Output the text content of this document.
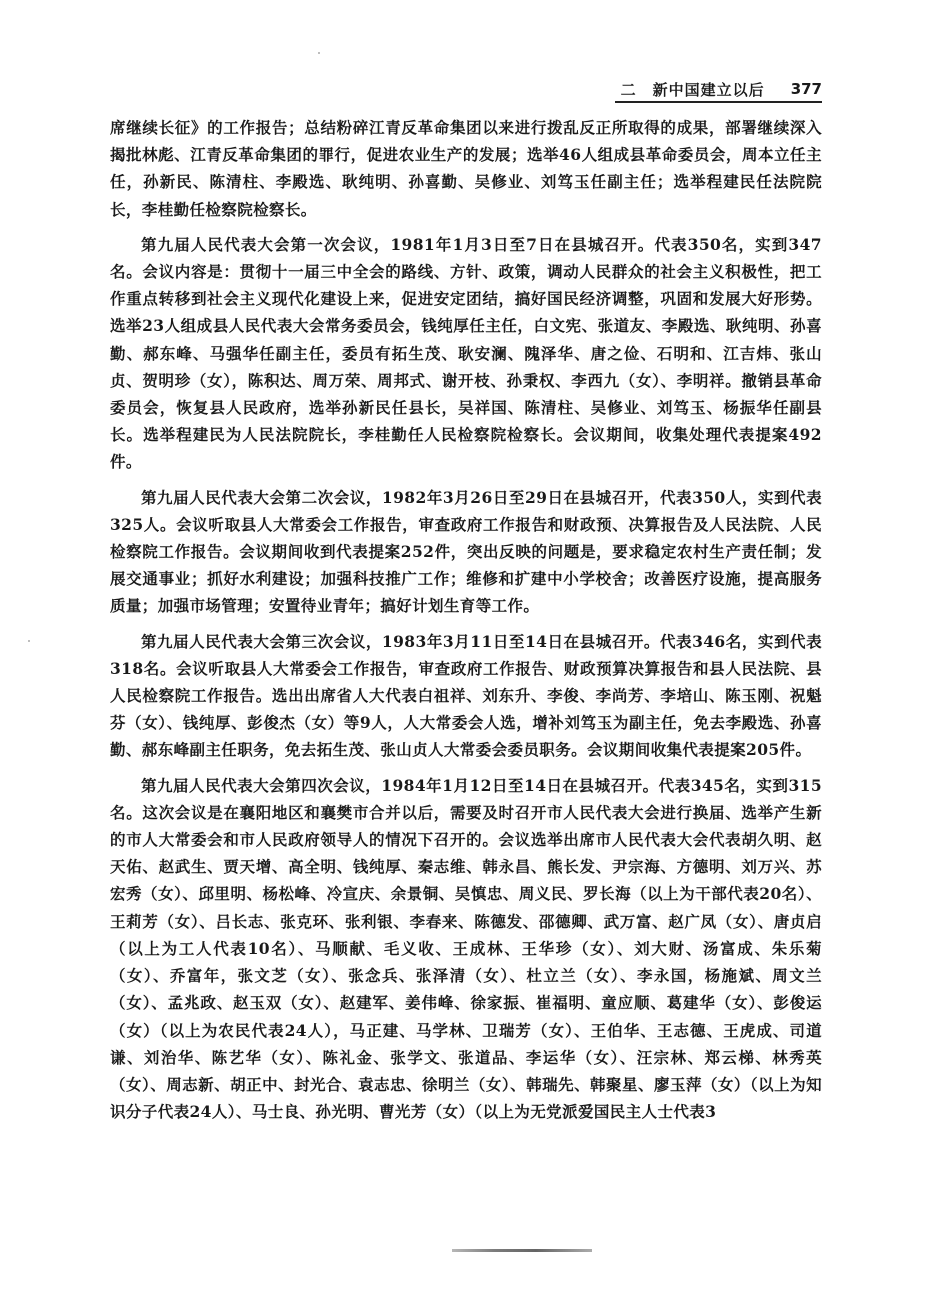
二　新中国建立以后 377

席继续长征》的工作报告；总结粉碎江青反革命集团以来进行拨乱反正所取得的成果，部署继续深入揭批林彪、江青反革命集团的罪行，促进农业生产的发展；选举46人组成县革命委员会，周本立任主任，孙新民、陈清柱、李殿选、耿纯明、孙喜勤、吴修业、刘笃玉任副主任；选举程建民任法院院长，李桂勤任检察院检察长。

第九届人民代表大会第一次会议，1981年1月3日至7日在县城召开。代表350名，实到347名。会议内容是：贯彻十一届三中全会的路线、方针、政策，调动人民群众的社会主义积极性，把工作重点转移到社会主义现代化建设上来，促进安定团结，搞好国民经济调整，巩固和发展大好形势。选举23人组成县人民代表大会常务委员会，钱纯厚任主任，白文宪、张道友、李殿选、耿纯明、孙喜勤、郝东峰、马强华任副主任，委员有拓生茂、耿安澜、隗泽华、唐之俭、石明和、江吉炜、张山贞、贺明珍（女），陈积达、周万荣、周邦式、谢开枝、孙秉权、李西九（女）、李明祥。撤销县革命委员会，恢复县人民政府，选举孙新民任县长，吴祥国、陈清柱、吴修业、刘笃玉、杨振华任副县长。选举程建民为人民法院院长，李桂勤任人民检察院检察长。会议期间，收集处理代表提案492件。

第九届人民代表大会第二次会议，1982年3月26日至29日在县城召开，代表350人，实到代表325人。会议听取县人大常委会工作报告，审查政府工作报告和财政预、决算报告及人民法院、人民检察院工作报告。会议期间收到代表提案252件，突出反映的问题是，要求稳定农村生产责任制；发展交通事业；抓好水利建设；加强科技推广工作；维修和扩建中小学校舍；改善医疗设施，提高服务质量；加强市场管理；安置待业青年；搞好计划生育等工作。

第九届人民代表大会第三次会议，1983年3月11日至14日在县城召开。代表346名，实到代表318名。会议听取县人大常委会工作报告，审查政府工作报告、财政预算决算报告和县人民法院、县人民检察院工作报告。选出出席省人大代表白祖祥、刘东升、李俊、李尚芳、李培山、陈玉刚、祝魁芬（女）、钱纯厚、彭俊杰（女）等9人，人大常委会人选，增补刘笃玉为副主任，免去李殿选、孙喜勤、郝东峰副主任职务，免去拓生茂、张山贞人大常委会委员职务。会议期间收集代表提案205件。

第九届人民代表大会第四次会议，1984年1月12日至14日在县城召开。代表345名，实到315名。这次会议是在襄阳地区和襄樊市合并以后，需要及时召开市人民代表大会进行换届、选举产生新的市人大常委会和市人民政府领导人的情况下召开的。会议选举出席市人民代表大会代表胡久明、赵天佑、赵武生、贾天增、高全明、钱纯厚、秦志维、韩永昌、熊长发、尹宗海、方德明、刘万兴、苏宏秀（女）、邱里明、杨松峰、冷宣庆、余景铜、吴慎忠、周义民、罗长海（以上为干部代表20名）、王莉芳（女）、吕长志、张克环、张利银、李春来、陈德发、邵德卿、武万富、赵广凤（女）、唐贞启（以上为工人代表10名）、马顺献、毛义收、王成林、王华珍（女）、刘大财、汤富成、朱乐菊（女）、乔富年，张文芝（女）、张念兵、张泽清（女）、杜立兰（女）、李永国，杨施斌、周文兰（女）、孟兆政、赵玉双（女）、赵建军、姜伟峰、徐家振、崔福明、童应顺、葛建华（女）、彭俊运（女）（以上为农民代表24人），马正建、马学林、卫瑞芳（女）、王伯华、王志德、王虎成、司道谦、刘治华、陈艺华（女）、陈礼金、张学文、张道品、李运华（女）、汪宗林、郑云梯、林秀英（女）、周志新、胡正中、封光合、袁志忠、徐明兰（女）、韩瑞先、韩聚星、廖玉萍（女）（以上为知识分子代表24人）、马士良、孙光明、曹光芳（女）（以上为无党派爱国民主人士代表3
